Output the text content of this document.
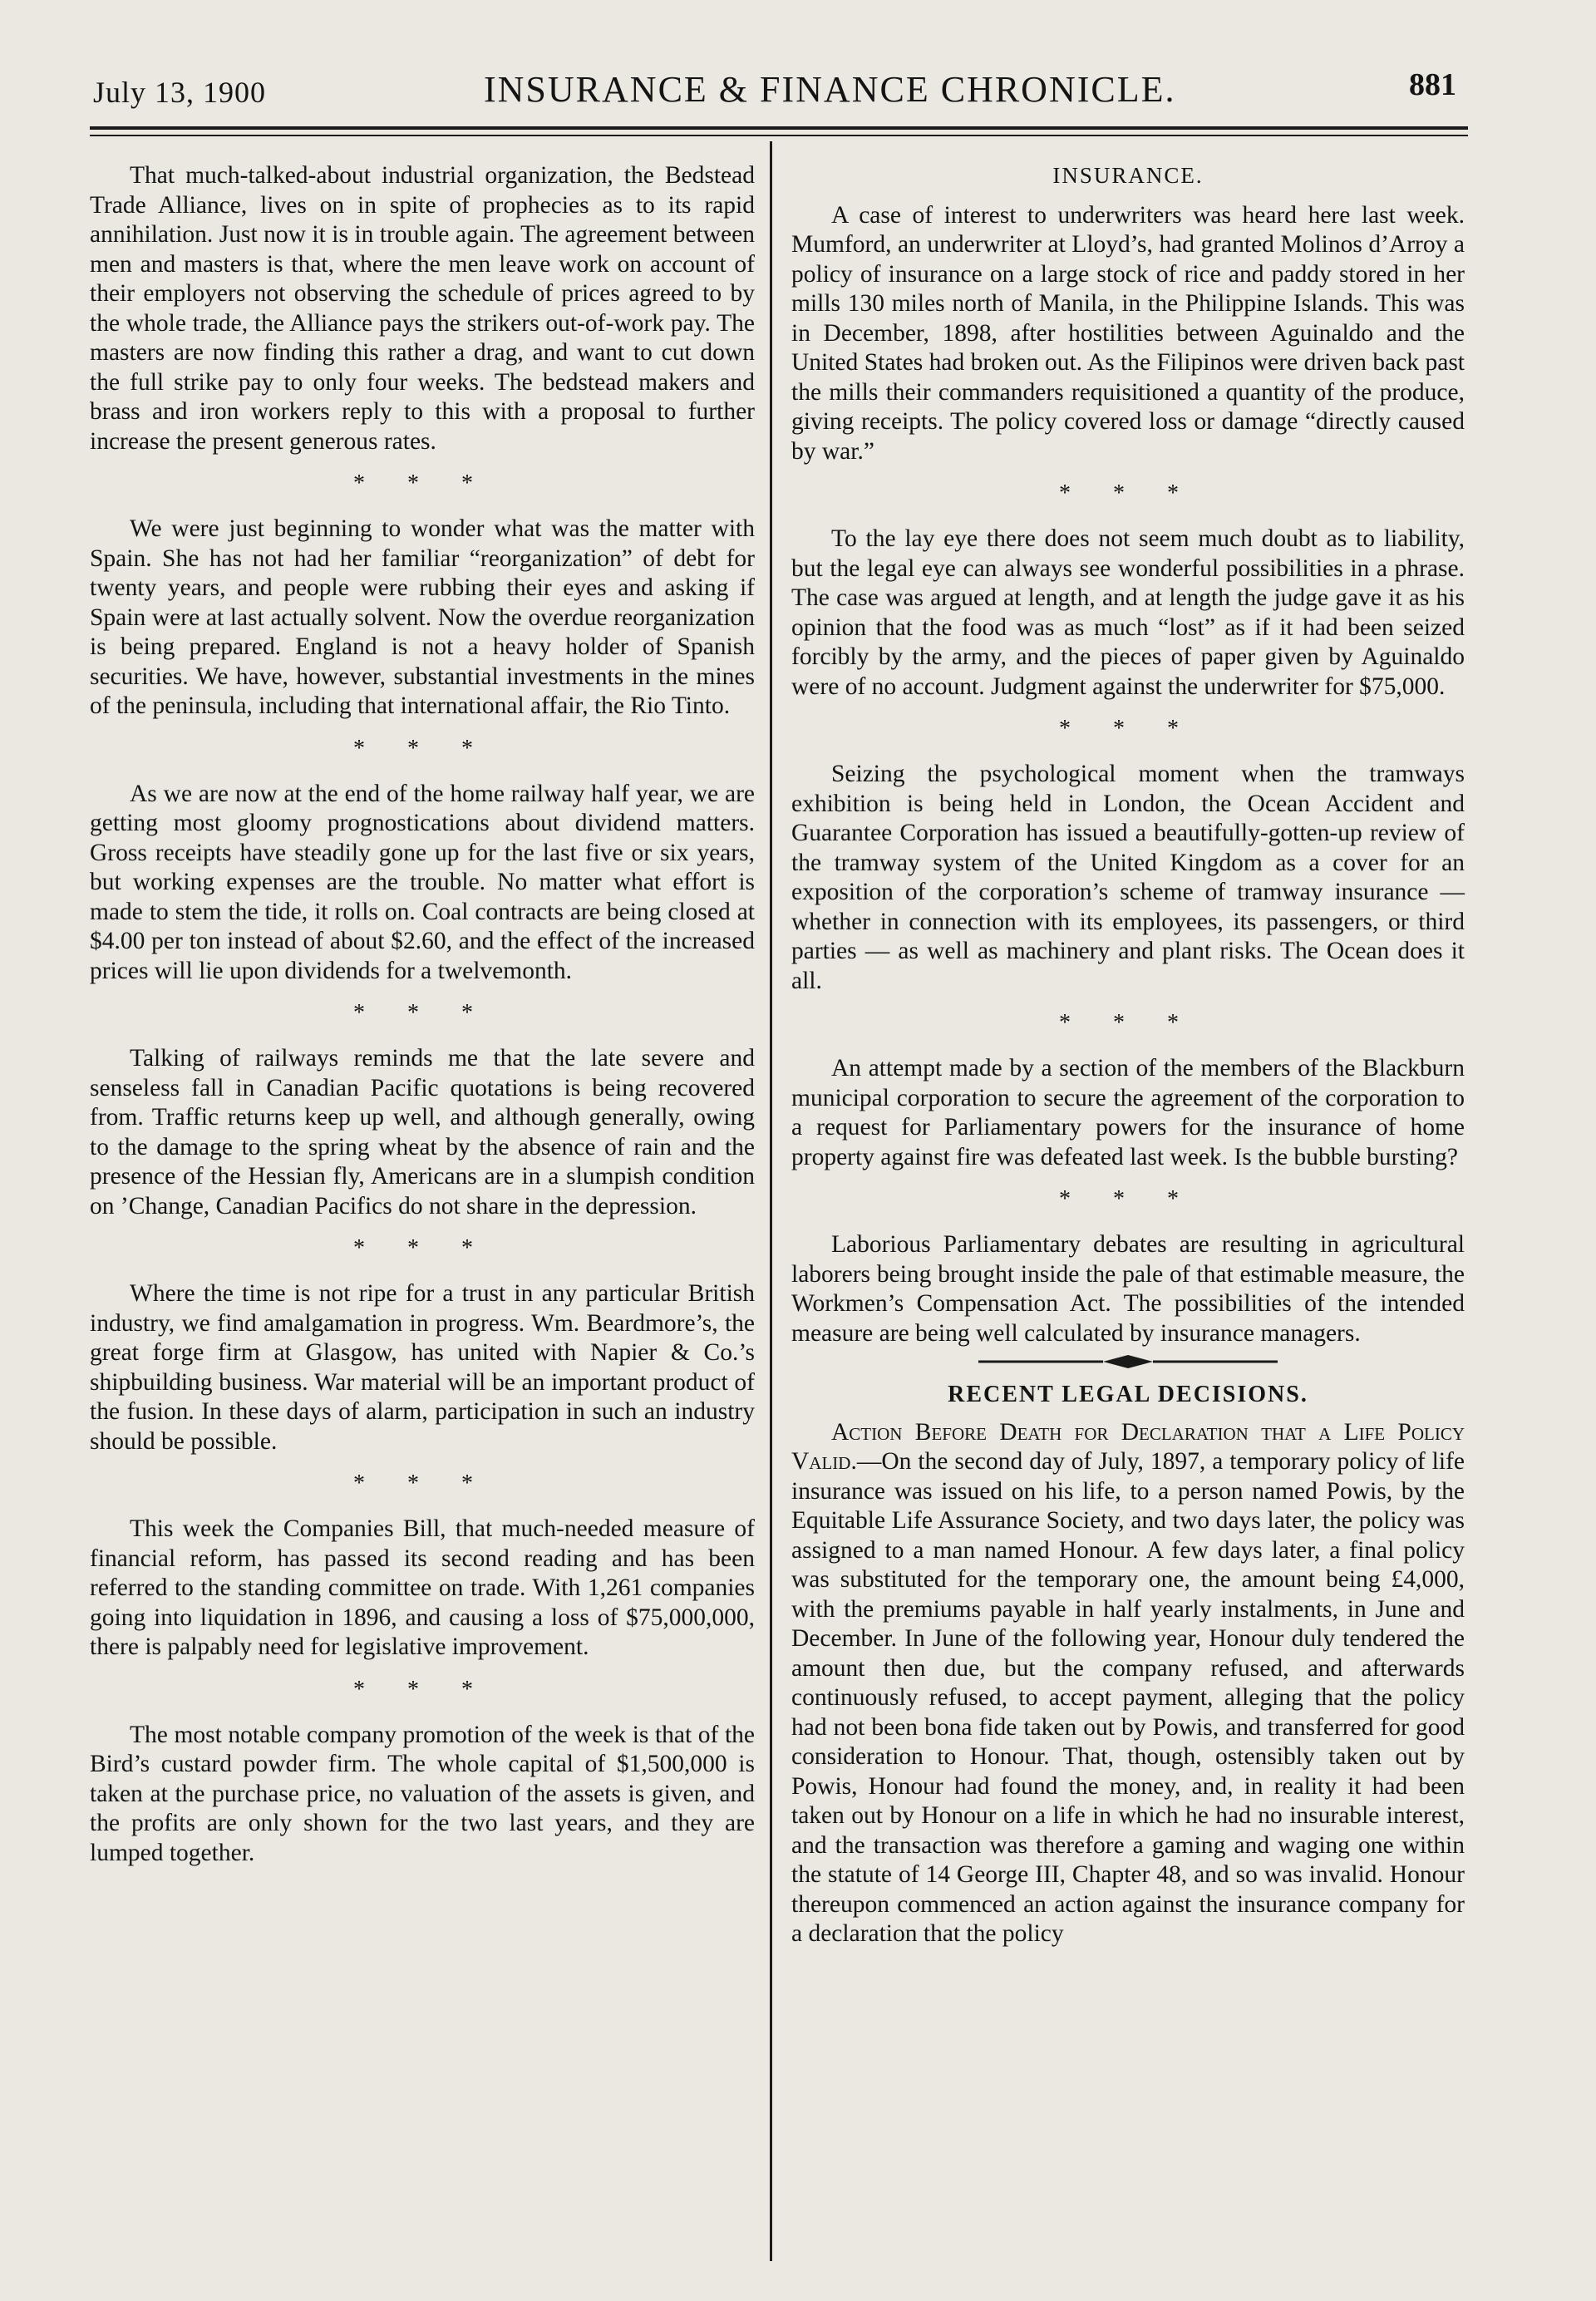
July 13, 1900	INSURANCE & FINANCE CHRONICLE.	881

That much-talked-about industrial organization, the Bedstead Trade Alliance, lives on in spite of prophecies as to its rapid annihilation. Just now it is in trouble again. The agreement between men and masters is that, where the men leave work on account of their employers not observing the schedule of prices agreed to by the whole trade, the Alliance pays the strikers out-of-work pay. The masters are now finding this rather a drag, and want to cut down the full strike pay to only four weeks. The bedstead makers and brass and iron workers reply to this with a proposal to further increase the present generous rates.

* * *

We were just beginning to wonder what was the matter with Spain. She has not had her familiar “reorganization” of debt for twenty years, and people were rubbing their eyes and asking if Spain were at last actually solvent. Now the overdue reorganization is being prepared. England is not a heavy holder of Spanish securities. We have, however, substantial investments in the mines of the peninsula, including that international affair, the Rio Tinto.

* * *

As we are now at the end of the home railway half year, we are getting most gloomy prognostications about dividend matters. Gross receipts have steadily gone up for the last five or six years, but working expenses are the trouble. No matter what effort is made to stem the tide, it rolls on. Coal contracts are being closed at $4.00 per ton instead of about $2.60, and the effect of the increased prices will lie upon dividends for a twelvemonth.

* * *

Talking of railways reminds me that the late severe and senseless fall in Canadian Pacific quotations is being recovered from. Traffic returns keep up well, and although generally, owing to the damage to the spring wheat by the absence of rain and the presence of the Hessian fly, Americans are in a slumpish condition on ’Change, Canadian Pacifics do not share in the depression.

* * *

Where the time is not ripe for a trust in any particular British industry, we find amalgamation in progress. Wm. Beardmore’s, the great forge firm at Glasgow, has united with Napier & Co.’s shipbuilding business. War material will be an important product of the fusion. In these days of alarm, participation in such an industry should be possible.

* * *

This week the Companies Bill, that much-needed measure of financial reform, has passed its second reading and has been referred to the standing committee on trade. With 1,261 companies going into liquidation in 1896, and causing a loss of $75,000,000, there is palpably need for legislative improvement.

* * *

The most notable company promotion of the week is that of the Bird’s custard powder firm. The whole capital of $1,500,000 is taken at the purchase price, no valuation of the assets is given, and the profits are only shown for the two last years, and they are lumped together.

INSURANCE.

A case of interest to underwriters was heard here last week. Mumford, an underwriter at Lloyd’s, had granted Molinos d’Arroy a policy of insurance on a large stock of rice and paddy stored in her mills 130 miles north of Manila, in the Philippine Islands. This was in December, 1898, after hostilities between Aguinaldo and the United States had broken out. As the Filipinos were driven back past the mills their commanders requisitioned a quantity of the produce, giving receipts. The policy covered loss or damage “directly caused by war.”

* * *

To the lay eye there does not seem much doubt as to liability, but the legal eye can always see wonderful possibilities in a phrase. The case was argued at length, and at length the judge gave it as his opinion that the food was as much “lost” as if it had been seized forcibly by the army, and the pieces of paper given by Aguinaldo were of no account. Judgment against the underwriter for $75,000.

* * *

Seizing the psychological moment when the tramways exhibition is being held in London, the Ocean Accident and Guarantee Corporation has issued a beautifully-gotten-up review of the tramway system of the United Kingdom as a cover for an exposition of the corporation’s scheme of tramway insurance — whether in connection with its employees, its passengers, or third parties — as well as machinery and plant risks. The Ocean does it all.

* * *

An attempt made by a section of the members of the Blackburn municipal corporation to secure the agreement of the corporation to a request for Parliamentary powers for the insurance of home property against fire was defeated last week. Is the bubble bursting?

* * *

Laborious Parliamentary debates are resulting in agricultural laborers being brought inside the pale of that estimable measure, the Workmen’s Compensation Act. The possibilities of the intended measure are being well calculated by insurance managers.

RECENT LEGAL DECISIONS.

Action Before Death for Declaration that a Life Policy Valid.—On the second day of July, 1897, a temporary policy of life insurance was issued on his life, to a person named Powis, by the Equitable Life Assurance Society, and two days later, the policy was assigned to a man named Honour. A few days later, a final policy was substituted for the temporary one, the amount being £4,000, with the premiums payable in half yearly instalments, in June and December. In June of the following year, Honour duly tendered the amount then due, but the company refused, and afterwards continuously refused, to accept payment, alleging that the policy had not been bona fide taken out by Powis, and transferred for good consideration to Honour. That, though, ostensibly taken out by Powis, Honour had found the money, and, in reality it had been taken out by Honour on a life in which he had no insurable interest, and the transaction was therefore a gaming and waging one within the statute of 14 George III, Chapter 48, and so was invalid. Honour thereupon commenced an action against the insurance company for a declaration that the policy
